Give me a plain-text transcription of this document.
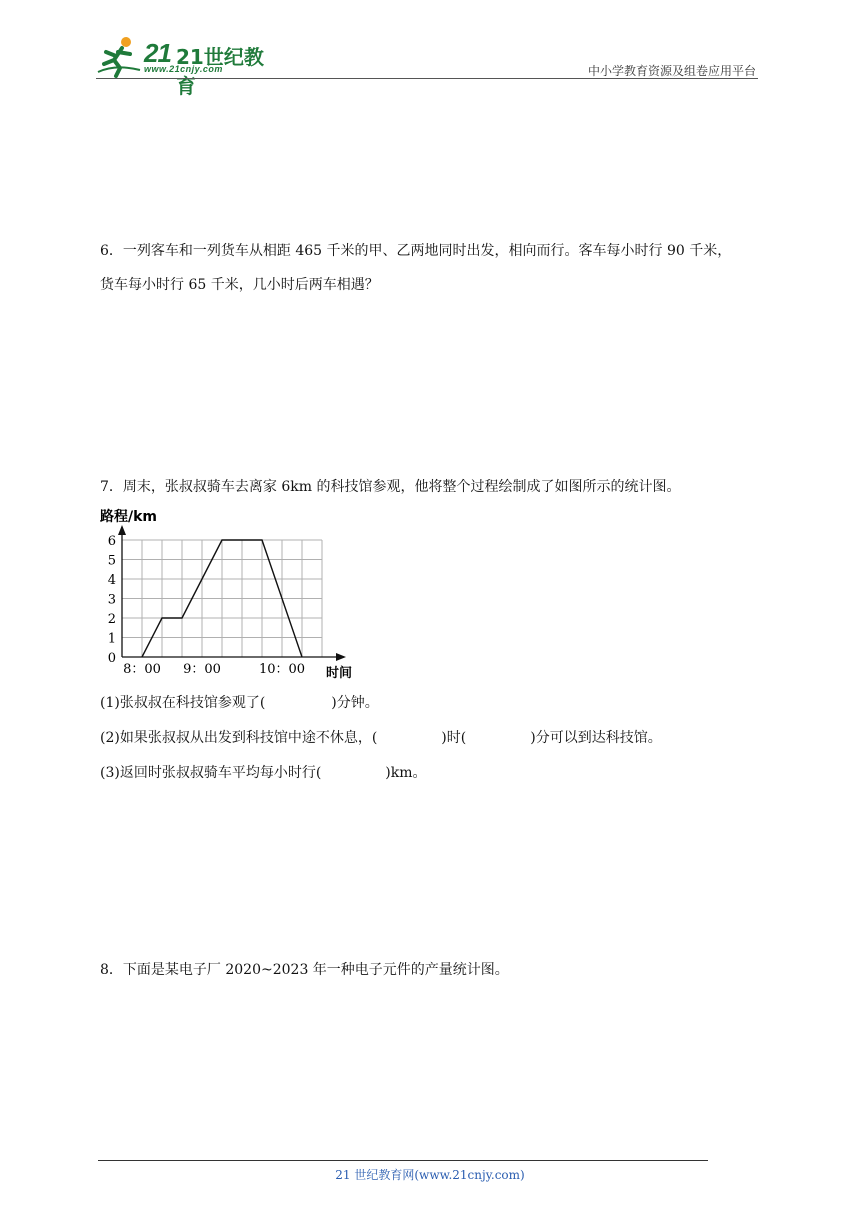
21 21世纪教育
www.21cnjy.com	中小学教育资源及组卷应用平台
6．一列客车和一列货车从相距 465 千米的甲、乙两地同时出发，相向而行。客车每小时行 90 千米，
货车每小时行 65 千米，几小时后两车相遇？
7．周末，张叔叔骑车去离家 6km 的科技馆参观，他将整个过程绘制成了如图所示的统计图。
路程/km
0
1
2
3
4
5
6
8：00 9：00	10：00 时间
(1)张叔叔在科技馆参观了(	)分钟。
(2)如果张叔叔从出发到科技馆中途不休息，(	)时(	)分可以到达科技馆。
(3)返回时张叔叔骑车平均每小时行(	)km。
8．下面是某电子厂 2020~2023 年一种电子元件的产量统计图。
21 世纪教育网(www.21cnjy.com)
